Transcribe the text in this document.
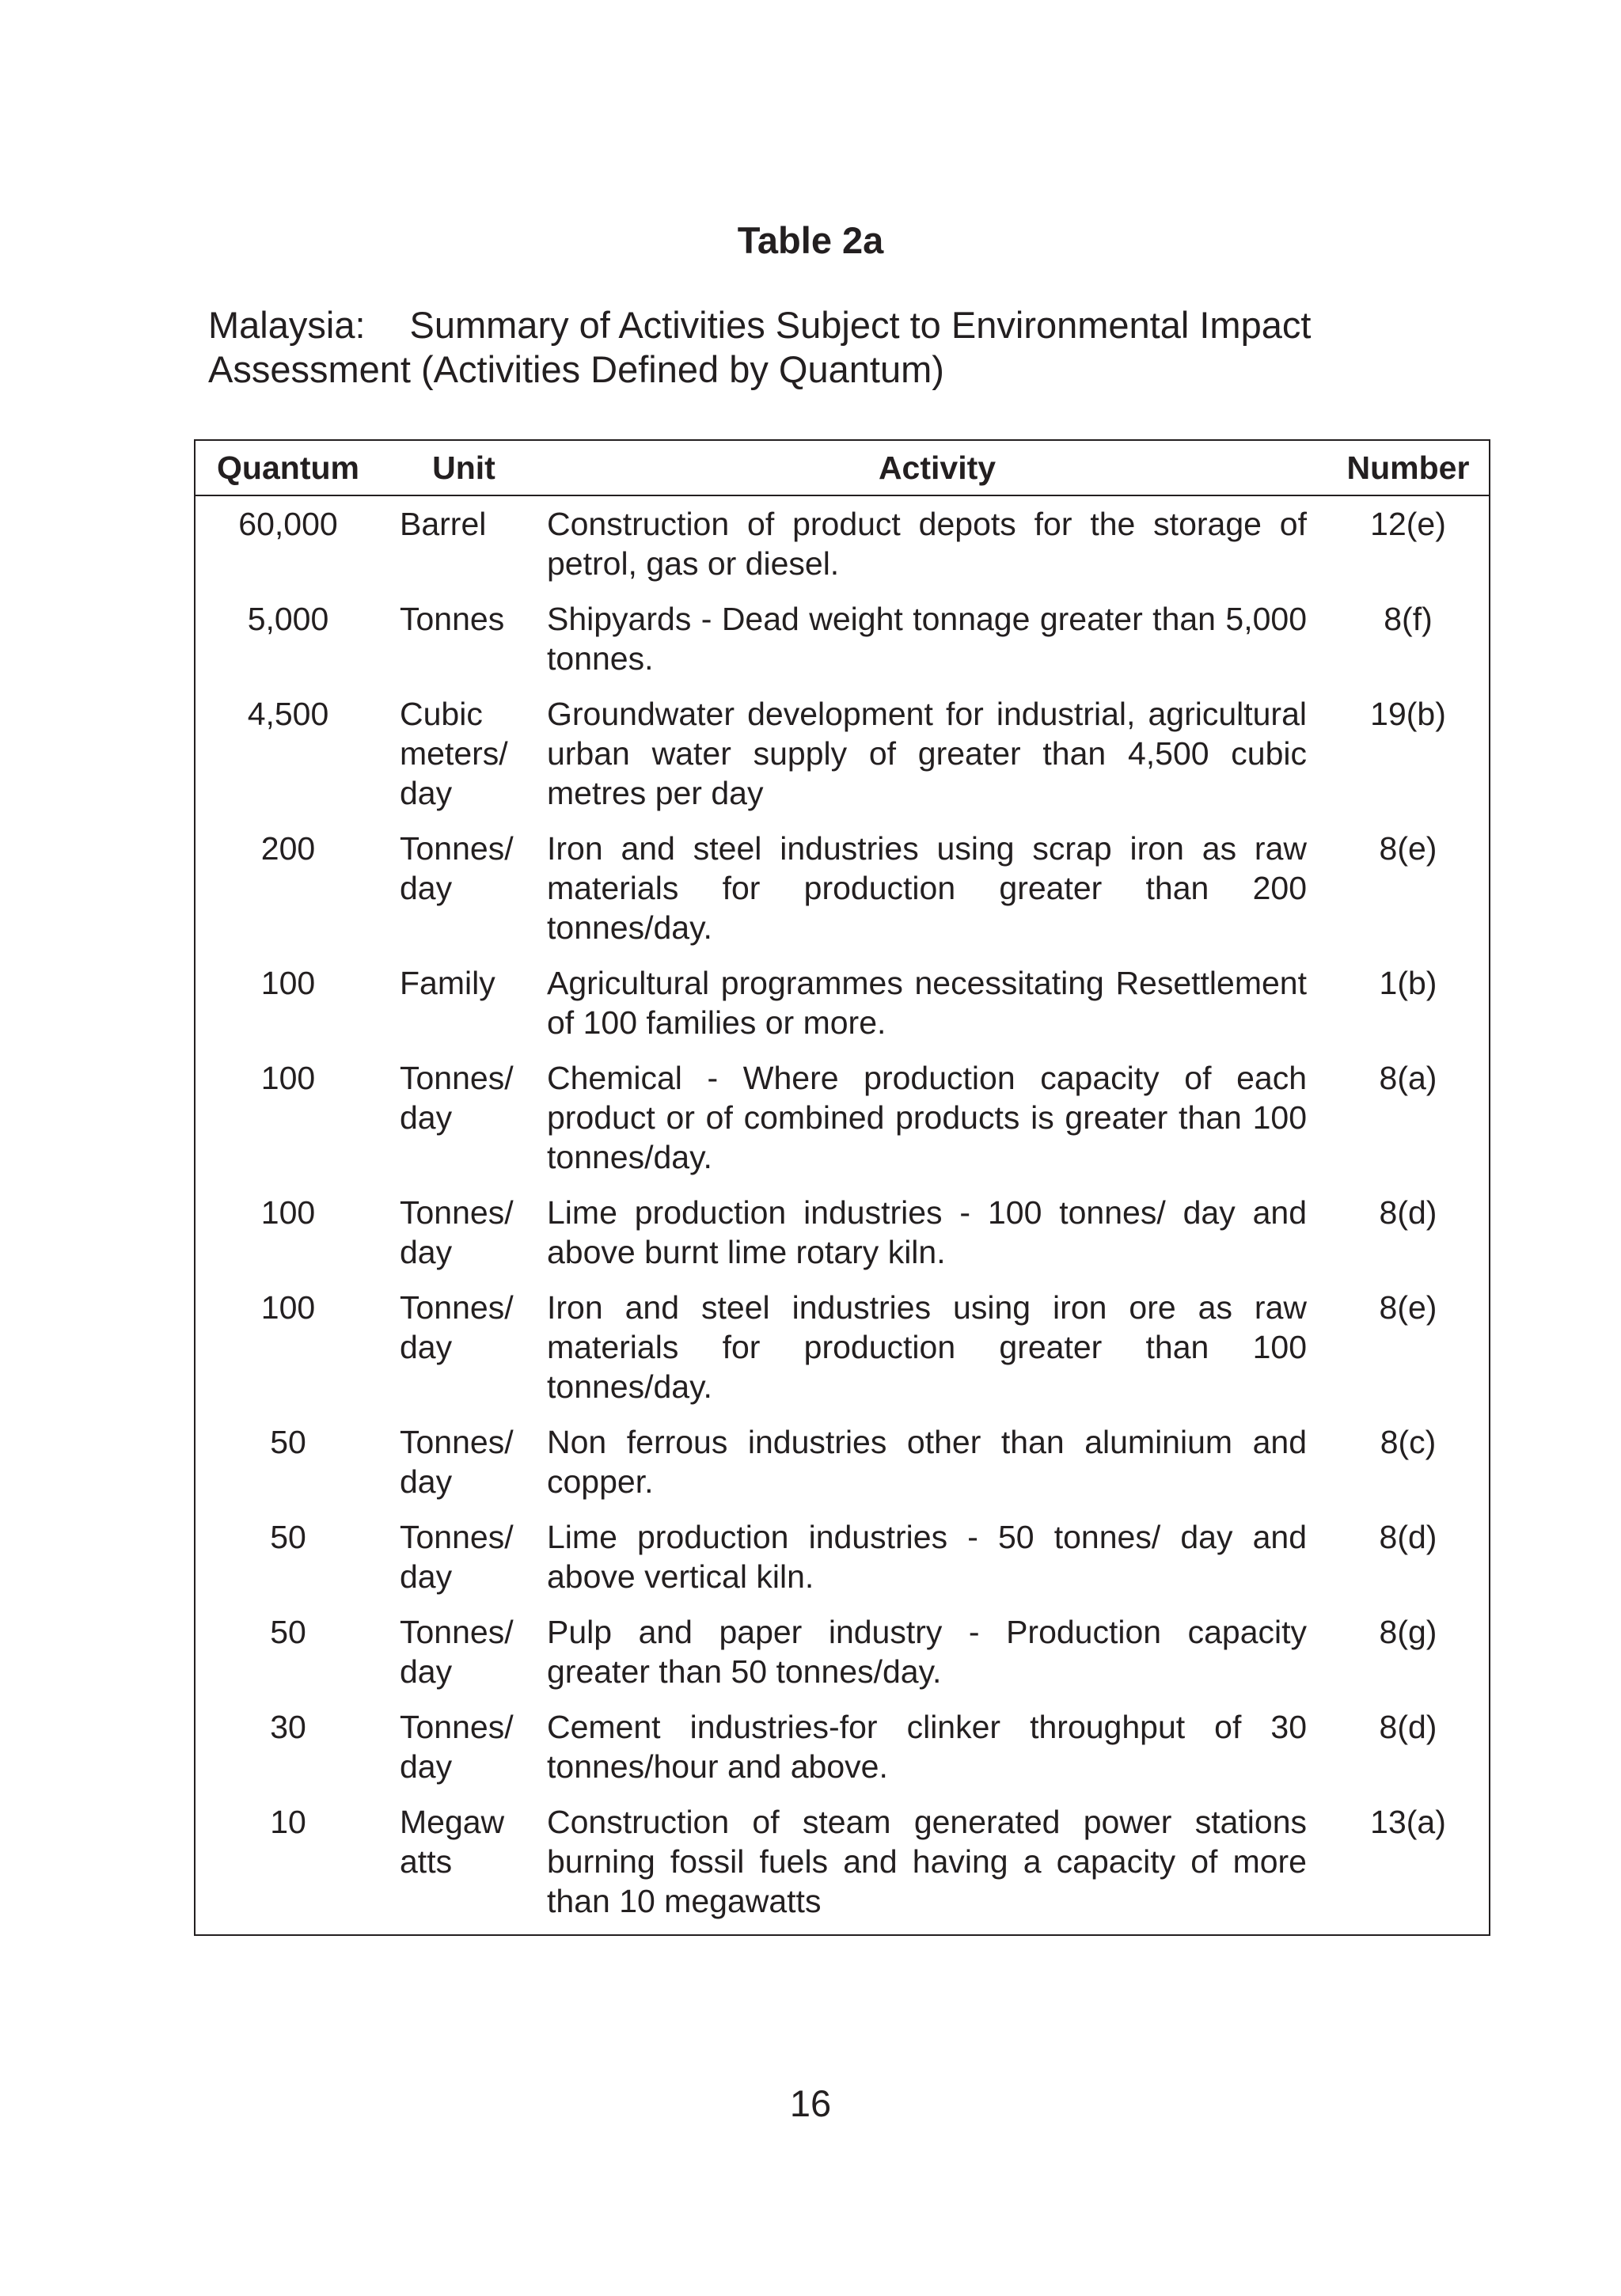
Table 2a
Malaysia: Summary of Activities Subject to Environmental Impact Assessment (Activities Defined by Quantum)
Quantum	Unit	Activity	Number
60,000	Barrel	Construction of product depots for the storage of petrol, gas or diesel.	12(e)
5,000	Tonnes	Shipyards - Dead weight tonnage greater than 5,000 tonnes.	8(f)
4,500	Cubic meters/ day	Groundwater development for industrial, agricultural urban water supply of greater than 4,500 cubic metres per day	19(b)
200	Tonnes/ day	Iron and steel industries using scrap iron as raw materials for production greater than 200 tonnes/day.	8(e)
100	Family	Agricultural programmes necessitating Resettlement of 100 families or more.	1(b)
100	Tonnes/ day	Chemical - Where production capacity of each product or of combined products is greater than 100 tonnes/day.	8(a)
100	Tonnes/ day	Lime production industries - 100 tonnes/ day and above burnt lime rotary kiln.	8(d)
100	Tonnes/ day	Iron and steel industries using iron ore as raw materials for production greater than 100 tonnes/day.	8(e)
50	Tonnes/ day	Non ferrous industries other than aluminium and copper.	8(c)
50	Tonnes/ day	Lime production industries - 50 tonnes/ day and above vertical kiln.	8(d)
50	Tonnes/ day	Pulp and paper industry - Production capacity greater than 50 tonnes/day.	8(g)
30	Tonnes/ day	Cement industries-for clinker throughput of 30 tonnes/hour and above.	8(d)
10	Megaw atts	Construction of steam generated power stations burning fossil fuels and having a capacity of more than 10 megawatts	13(a)
16
